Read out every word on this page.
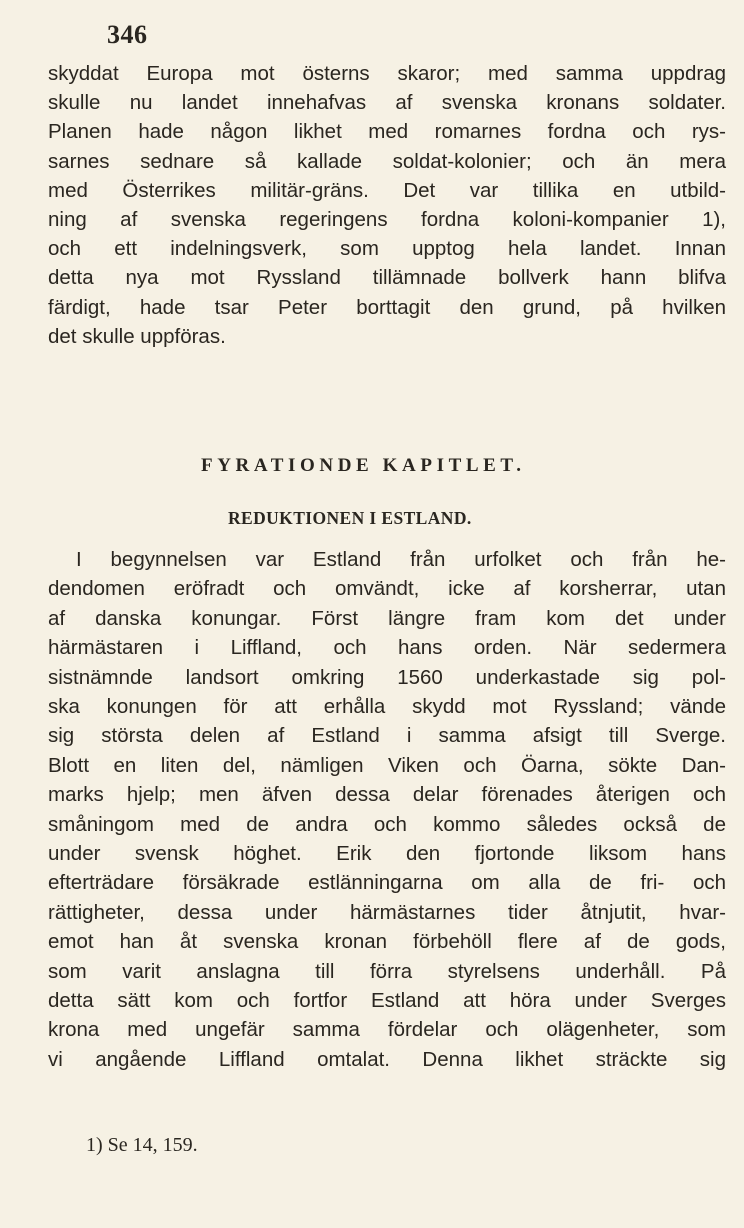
346
skyddat Europa mot österns skaror; med samma uppdrag
skulle nu landet innehafvas af svenska kronans soldater.
Planen hade någon likhet med romarnes fordna och rys-
sarnes sednare så kallade soldat-kolonier; och än mera
med Österrikes militär-gräns. Det var tillika en utbild-
ning af svenska regeringens fordna koloni-kompanier 1),
och ett indelningsverk, som upptog hela landet. Innan
detta nya mot Ryssland tillämnade bollverk hann blifva
färdigt, hade tsar Peter borttagit den grund, på hvilken
det skulle uppföras.
FYRATIONDE KAPITLET.
REDUKTIONEN I ESTLAND.
I begynnelsen var Estland från urfolket och från he-
dendomen eröfradt och omvändt, icke af korsherrar, utan
af danska konungar. Först längre fram kom det under
härmästaren i Liffland, och hans orden. När sedermera
sistnämnde landsort omkring 1560 underkastade sig pol-
ska konungen för att erhålla skydd mot Ryssland; vände
sig största delen af Estland i samma afsigt till Sverge.
Blott en liten del, nämligen Viken och Öarna, sökte Dan-
marks hjelp; men äfven dessa delar förenades återigen och
småningom med de andra och kommo således också de
under svensk höghet. Erik den fjortonde liksom hans
efterträdare försäkrade estlänningarna om alla de fri- och
rättigheter, dessa under härmästarnes tider åtnjutit, hvar-
emot han åt svenska kronan förbehöll flere af de gods,
som varit anslagna till förra styrelsens underhåll. På
detta sätt kom och fortfor Estland att höra under Sverges
krona med ungefär samma fördelar och olägenheter, som
vi angående Liffland omtalat. Denna likhet sträckte sig
1) Se 14, 159.
